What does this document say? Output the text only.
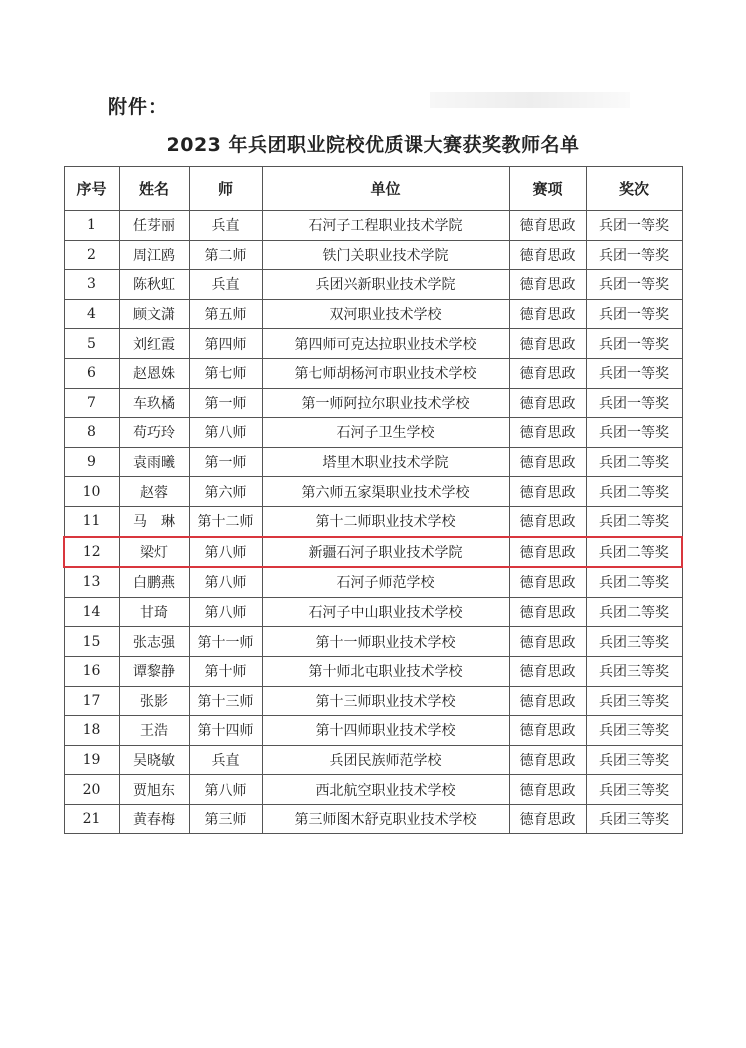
附件：
2023 年兵团职业院校优质课大赛获奖教师名单
序号	姓名	师	单位	赛项	奖次
1	任芽丽	兵直	石河子工程职业技术学院	德育思政	兵团一等奖
2	周江鸥	第二师	铁门关职业技术学院	德育思政	兵团一等奖
3	陈秋虹	兵直	兵团兴新职业技术学院	德育思政	兵团一等奖
4	顾文潇	第五师	双河职业技术学校	德育思政	兵团一等奖
5	刘红霞	第四师	第四师可克达拉职业技术学校	德育思政	兵团一等奖
6	赵恩姝	第七师	第七师胡杨河市职业技术学校	德育思政	兵团一等奖
7	车玖橘	第一师	第一师阿拉尔职业技术学校	德育思政	兵团一等奖
8	苟巧玲	第八师	石河子卫生学校	德育思政	兵团一等奖
9	袁雨曦	第一师	塔里木职业技术学院	德育思政	兵团二等奖
10	赵蓉	第六师	第六师五家渠职业技术学校	德育思政	兵团二等奖
11	马　琳	第十二师	第十二师职业技术学校	德育思政	兵团二等奖
12	梁灯	第八师	新疆石河子职业技术学院	德育思政	兵团二等奖
13	白鹏燕	第八师	石河子师范学校	德育思政	兵团二等奖
14	甘琦	第八师	石河子中山职业技术学校	德育思政	兵团二等奖
15	张志强	第十一师	第十一师职业技术学校	德育思政	兵团三等奖
16	谭黎静	第十师	第十师北屯职业技术学校	德育思政	兵团三等奖
17	张影	第十三师	第十三师职业技术学校	德育思政	兵团三等奖
18	王浩	第十四师	第十四师职业技术学校	德育思政	兵团三等奖
19	吴晓敏	兵直	兵团民族师范学校	德育思政	兵团三等奖
20	贾旭东	第八师	西北航空职业技术学校	德育思政	兵团三等奖
21	黄春梅	第三师	第三师图木舒克职业技术学校	德育思政	兵团三等奖
